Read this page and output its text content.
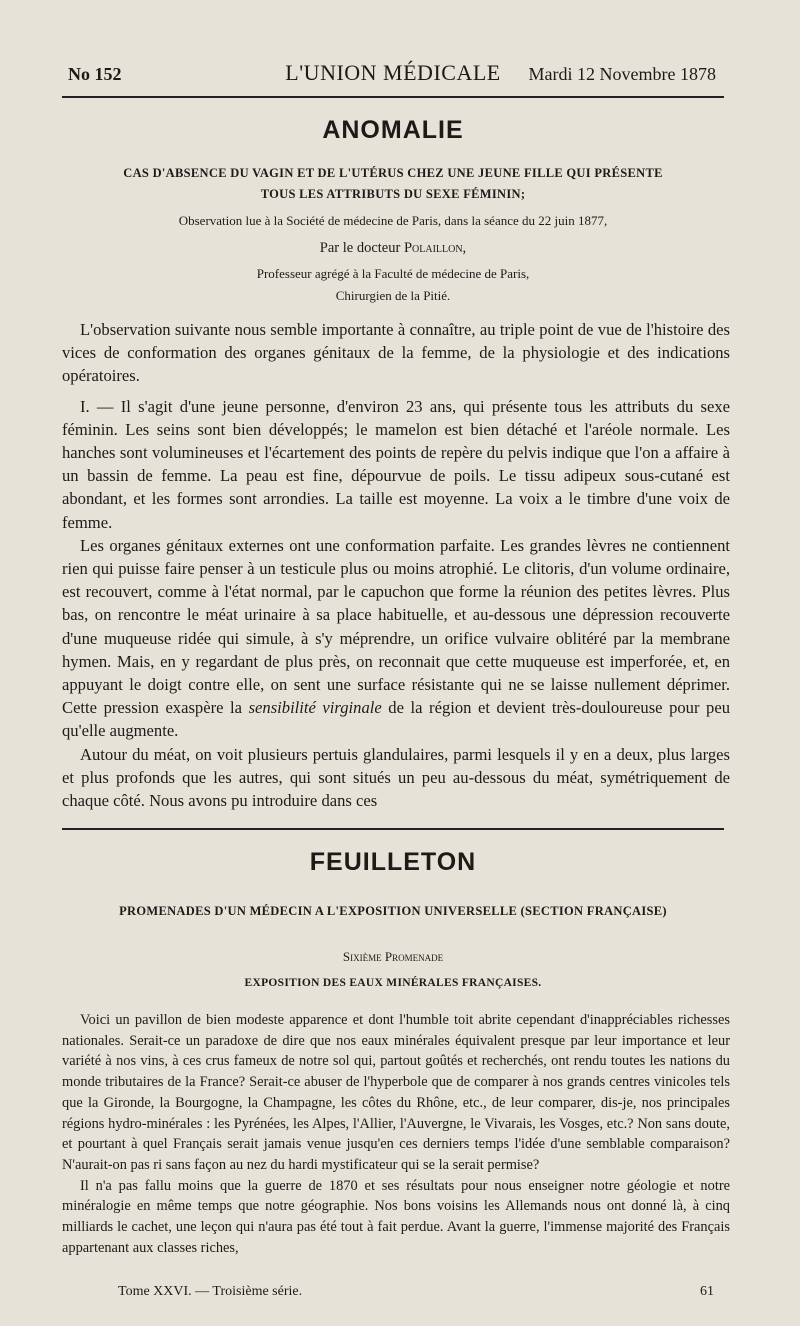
No 152	L'UNION MÉDICALE	Mardi 12 Novembre 1878
ANOMALIE
CAS D'ABSENCE DU VAGIN ET DE L'UTÉRUS CHEZ UNE JEUNE FILLE QUI PRÉSENTE
TOUS LES ATTRIBUTS DU SEXE FÉMININ;
Observation lue à la Société de médecine de Paris, dans la séance du 22 juin 1877,
Par le docteur Polaillon,
Professeur agrégé à la Faculté de médecine de Paris,
Chirurgien de la Pitié.

L'observation suivante nous semble importante à connaître, au triple point de vue de l'histoire des vices de conformation des organes génitaux de la femme, de la physiologie et des indications opératoires.

I. — Il s'agit d'une jeune personne, d'environ 23 ans, qui présente tous les attributs du sexe féminin. Les seins sont bien développés; le mamelon est bien détaché et l'aréole normale. Les hanches sont volumineuses et l'écartement des points de repère du pelvis indique que l'on a affaire à un bassin de femme. La peau est fine, dépourvue de poils. Le tissu adipeux sous-cutané est abondant, et les formes sont arrondies. La taille est moyenne. La voix a le timbre d'une voix de femme.

Les organes génitaux externes ont une conformation parfaite. Les grandes lèvres ne contiennent rien qui puisse faire penser à un testicule plus ou moins atrophié. Le clitoris, d'un volume ordinaire, est recouvert, comme à l'état normal, par le capuchon que forme la réunion des petites lèvres. Plus bas, on rencontre le méat urinaire à sa place habituelle, et au-dessous une dépression recouverte d'une muqueuse ridée qui simule, à s'y méprendre, un orifice vulvaire oblitéré par la membrane hymen. Mais, en y regardant de plus près, on reconnait que cette muqueuse est imperforée, et, en appuyant le doigt contre elle, on sent une surface résistante qui ne se laisse nullement déprimer. Cette pression exaspère la sensibilité virginale de la région et devient très-douloureuse pour peu qu'elle augmente.

Autour du méat, on voit plusieurs pertuis glandulaires, parmi lesquels il y en a deux, plus larges et plus profonds que les autres, qui sont situés un peu au-dessous du méat, symétriquement de chaque côté. Nous avons pu introduire dans ces

FEUILLETON
PROMENADES D'UN MÉDECIN A L'EXPOSITION UNIVERSELLE (SECTION FRANÇAISE)
Sixième Promenade
EXPOSITION DES EAUX MINÉRALES FRANÇAISES.

Voici un pavillon de bien modeste apparence et dont l'humble toit abrite cependant d'inappréciables richesses nationales. Serait-ce un paradoxe de dire que nos eaux minérales équivalent presque par leur importance et leur variété à nos vins, à ces crus fameux de notre sol qui, partout goûtés et recherchés, ont rendu toutes les nations du monde tributaires de la France? Serait-ce abuser de l'hyperbole que de comparer à nos grands centres vinicoles tels que la Gironde, la Bourgogne, la Champagne, les côtes du Rhône, etc., de leur comparer, dis-je, nos principales régions hydro-minérales : les Pyrénées, les Alpes, l'Allier, l'Auvergne, le Vivarais, les Vosges, etc.? Non sans doute, et pourtant à quel Français serait jamais venue jusqu'en ces derniers temps l'idée d'une semblable comparaison? N'aurait-on pas ri sans façon au nez du hardi mystificateur qui se la serait permise?

Il n'a pas fallu moins que la guerre de 1870 et ses résultats pour nous enseigner notre géologie et notre minéralogie en même temps que notre géographie. Nos bons voisins les Allemands nous ont donné là, à cinq milliards le cachet, une leçon qui n'aura pas été tout à fait perdue. Avant la guerre, l'immense majorité des Français appartenant aux classes riches,

Tome XXVI. — Troisième série.	61
